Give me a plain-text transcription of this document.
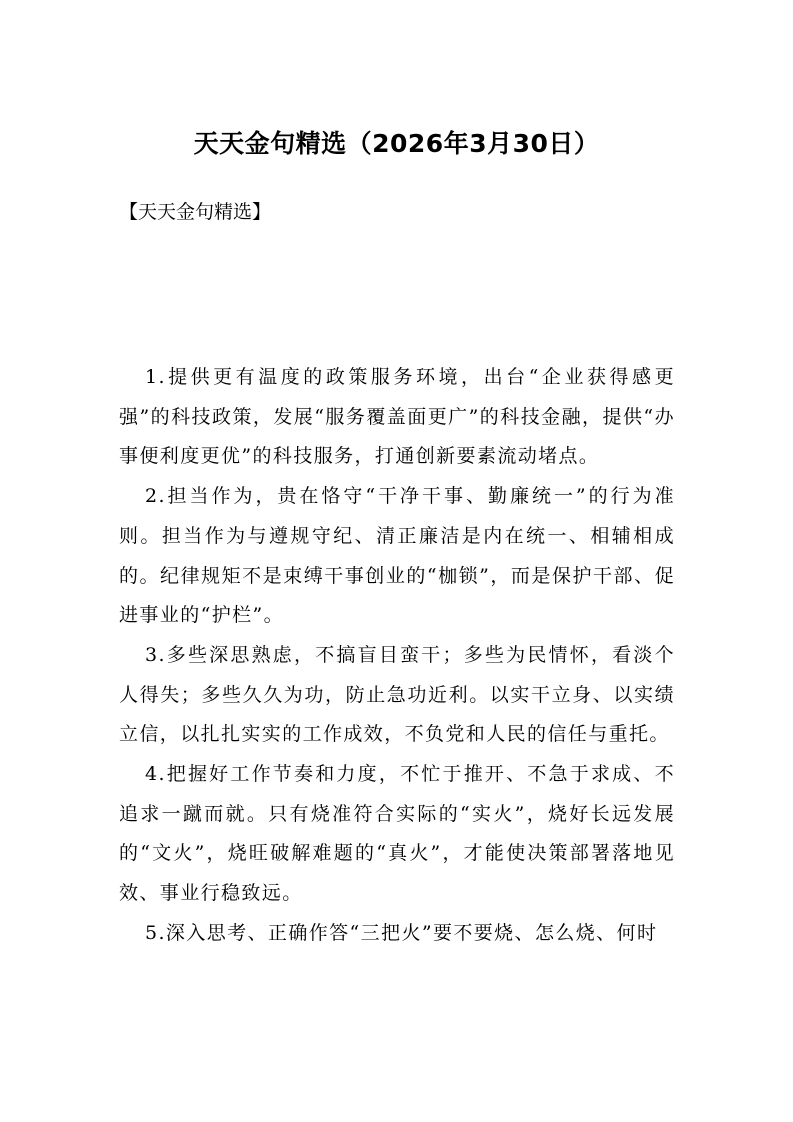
天天金句精选（2026年3月30日）
【天天金句精选】

1.提供更有温度的政策服务环境，出台“企业获得感更强”的科技政策，发展“服务覆盖面更广”的科技金融，提供“办事便利度更优”的科技服务，打通创新要素流动堵点。

2.担当作为，贵在恪守“干净干事、勤廉统一”的行为准则。担当作为与遵规守纪、清正廉洁是内在统一、相辅相成的。纪律规矩不是束缚干事创业的“枷锁”，而是保护干部、促进事业的“护栏”。

3.多些深思熟虑，不搞盲目蛮干；多些为民情怀，看淡个人得失；多些久久为功，防止急功近利。以实干立身、以实绩立信，以扎扎实实的工作成效，不负党和人民的信任与重托。

4.把握好工作节奏和力度，不忙于推开、不急于求成、不追求一蹴而就。只有烧准符合实际的“实火”，烧好长远发展的“文火”，烧旺破解难题的“真火”，才能使决策部署落地见效、事业行稳致远。

5.深入思考、正确作答“三把火”要不要烧、怎么烧、何时
